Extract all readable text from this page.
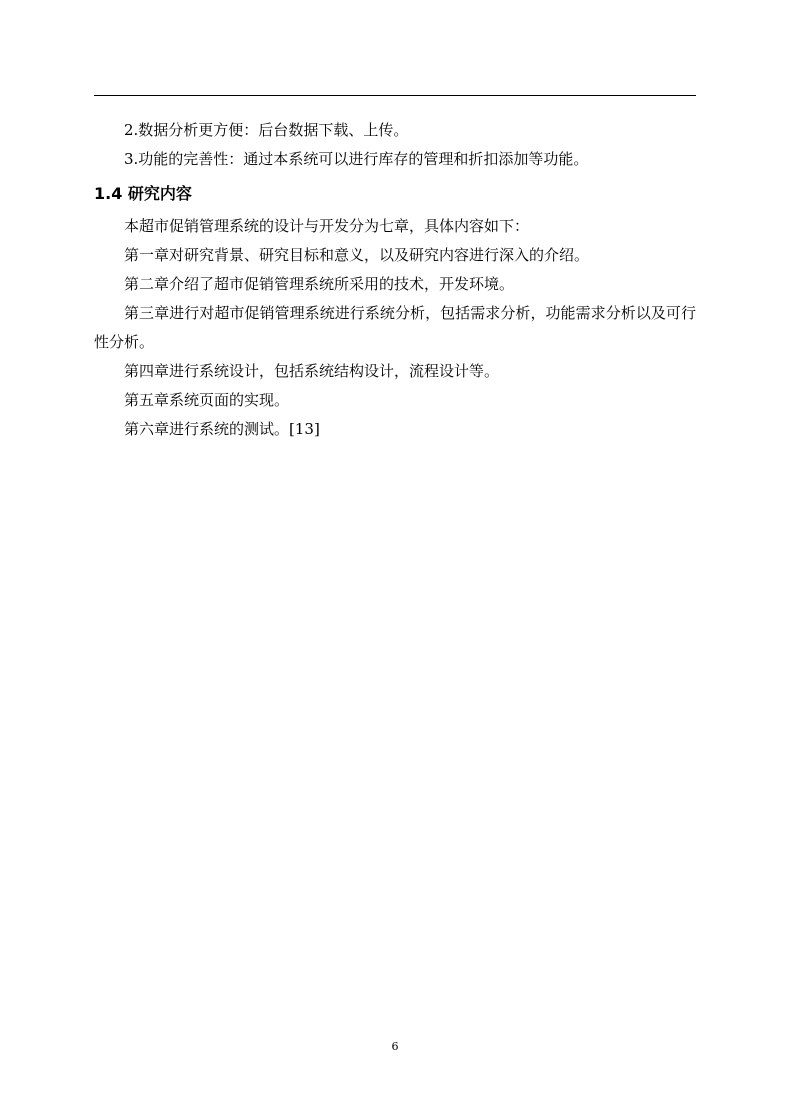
2.数据分析更方便：后台数据下载、上传。

3.功能的完善性：通过本系统可以进行库存的管理和折扣添加等功能。

1.4 研究内容

本超市促销管理系统的设计与开发分为七章，具体内容如下：

第一章对研究背景、研究目标和意义，以及研究内容进行深入的介绍。

第二章介绍了超市促销管理系统所采用的技术，开发环境。

第三章进行对超市促销管理系统进行系统分析，包括需求分析，功能需求分析以及可行性分析。

第四章进行系统设计，包括系统结构设计，流程设计等。

第五章系统页面的实现。

第六章进行系统的测试。[13]

6
